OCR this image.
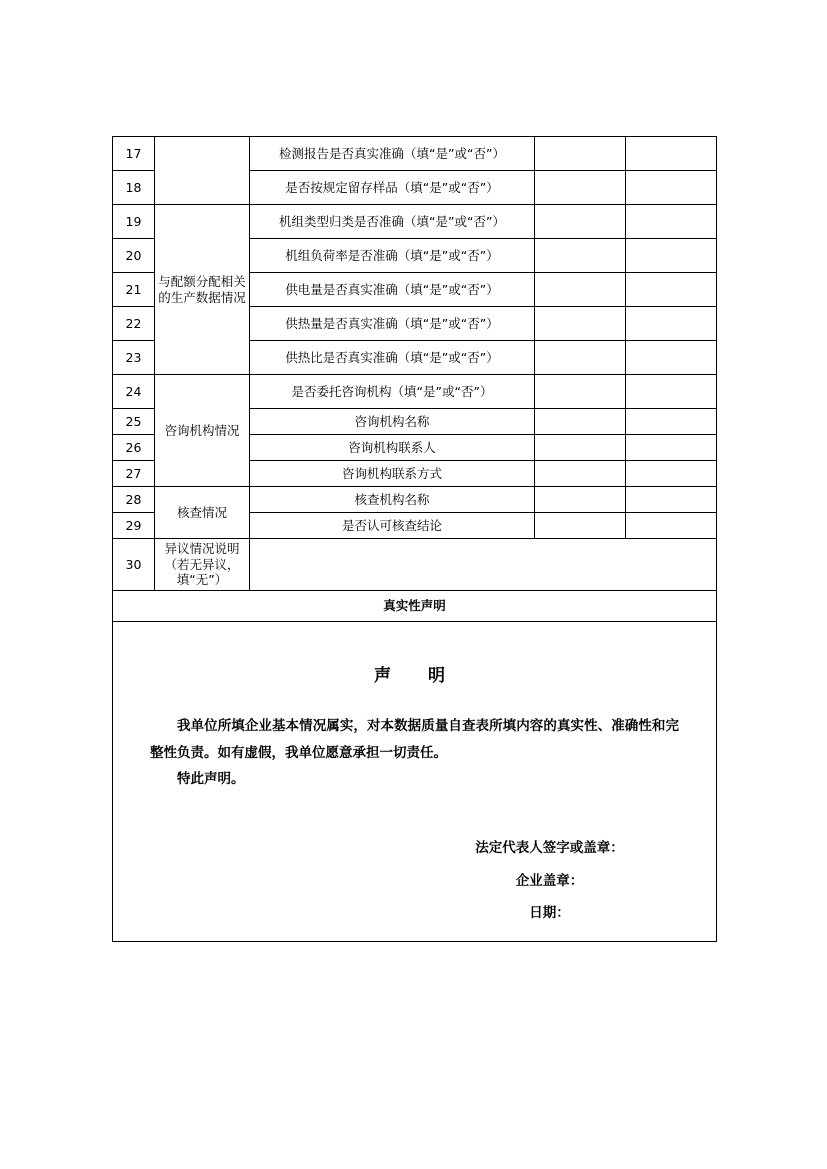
17		检测报告是否真实准确（填“是”或“否”）		
18		是否按规定留存样品（填“是”或“否”）		
19	与配额分配相关的生产数据情况	机组类型归类是否准确（填“是”或“否”）		
20		机组负荷率是否准确（填“是”或“否”）		
21		供电量是否真实准确（填“是”或“否”）		
22		供热量是否真实准确（填“是”或“否”）		
23		供热比是否真实准确（填“是”或“否”）		
24	咨询机构情况	是否委托咨询机构（填“是”或“否”）		
25		咨询机构名称		
26		咨询机构联系人		
27		咨询机构联系方式		
28	核查情况	核查机构名称		
29		是否认可核查结论		
30	异议情况说明（若无异议，填“无”）			
真实性声明				

声　明

我单位所填企业基本情况属实，对本数据质量自查表所填内容的真实性、准确性和完整性负责。如有虚假，我单位愿意承担一切责任。

特此声明。

法定代表人签字或盖章：
企业盖章：
日期：
